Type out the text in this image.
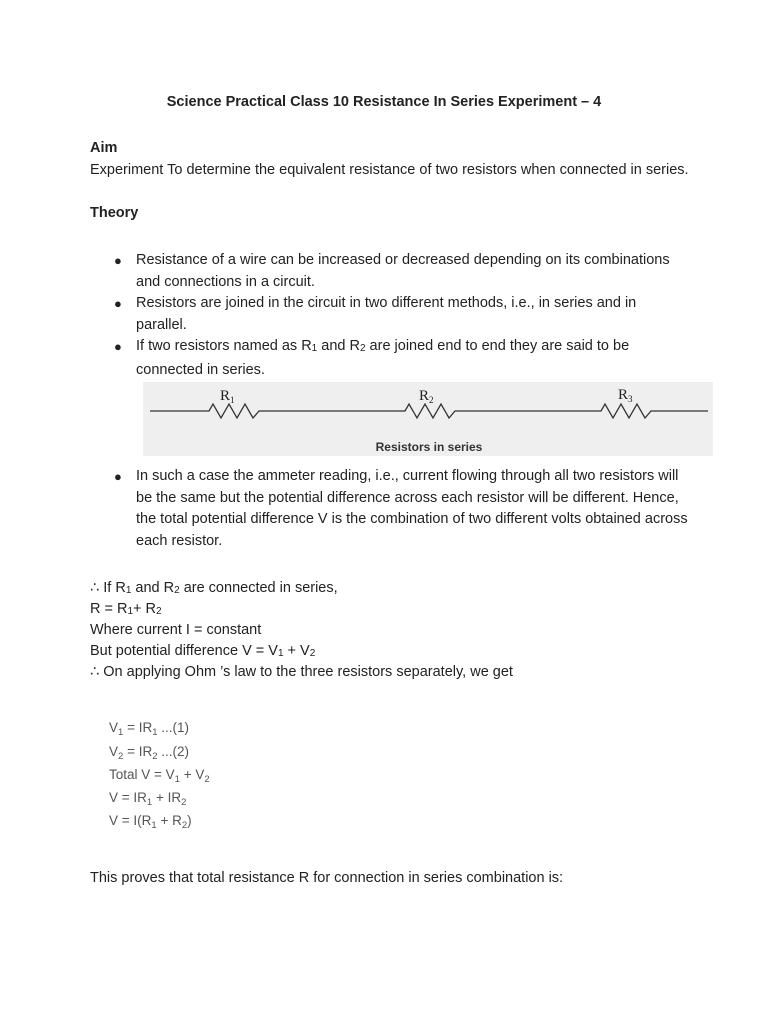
Science Practical Class 10 Resistance In Series Experiment – 4
Aim
Experiment To determine the equivalent resistance of two resistors when connected in series.
Theory
● Resistance of a wire can be increased or decreased depending on its combinations and connections in a circuit.
● Resistors are joined in the circuit in two different methods, i.e., in series and in parallel.
● If two resistors named as $R_1$ and $R_2$ are joined end to end they are said to be connected in series.
$R_1$	$R_2$	$R_3$
Resistors in series
● In such a case the ammeter reading, i.e., current flowing through all two resistors will be the same but the potential difference across each resistor will be different. Hence, the total potential difference V is the combination of two different volts obtained across each resistor.
∴ If $R_1$ and $R_2$ are connected in series,
$R = R_1+ R_2$
Where current I = constant
But potential difference $V = V_1 + V_2$
∴ On applying Ohm ’s law to the three resistors separately, we get
$V_1 = IR_1$ ...(1)
$V_2 = IR_2$ ...(2)
Total $V = V_1 + V_2$
$V = IR_1 + IR_2$
$V = I(R_1 + R_2)$
This proves that total resistance R for connection in series combination is:
